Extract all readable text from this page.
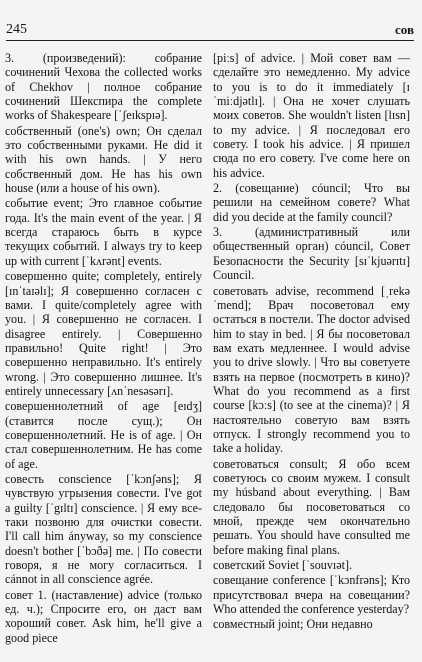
245	сов

3. (произведений): собрание сочинений Чехова the collected works of Chekhov | полное собрание сочинений Шекспира the complete works of Shakespeare [ˈʃeɪkspɪə].

собственный (one's) own; Он сделал это собственными руками. He did it with his own hands. | У него собственный дом. He has his own house (или a house of his own).

событие event; Это главное событие года. It's the main event of the year. | Я всегда стараюсь быть в курсе текущих событий. I always try to keep up with current [ˈkʌrənt] events.

совершенно quite; completely, entirely [ɪnˈtaɪəlɪ]; Я совершенно согласен с вами. I quite/completely agree with you. | Я совершенно не согласен. I disagree entirely. | Совершенно правильно! Quite right! | Это совершенно неправильно. It's entirely wrong. | Это совершенно лишнее. It's entirely unnecessary [ʌnˈnesəsərɪ].

совершеннолетний of age [eɪdʒ] (ставится после сущ.); Он совершеннолетний. He is of age. | Он стал совершеннолетним. He has come of age.

совесть conscience [ˈkɔnʃəns]; Я чувствую угрызения совести. I've got a guilty [ˈgɪltɪ] conscience. | Я ему все-таки позвоню для очистки совести. I'll call him ányway, so my conscience doesn't bother [ˈbɔðə] me. | По совести говоря, я не могу согласиться. I cánnot in all conscience agrée.

совет 1. (наставление) advice (только ед. ч.); Спросите его, он даст вам хороший совет. Ask him, he'll give a good piece

[piːs] of advice. | Мой совет вам — сделайте это немедленно. My advice to you is to do it immediately [ɪˈmiːdjətlɪ]. | Она не хочет слушать моих советов. She wouldn't listen [lɪsn] to my advice. | Я последовал его совету. I took his advice. | Я пришел сюда по его совету. I've come here on his advice.

2. (совещание) cóuncil; Что вы решили на семейном совете? What did you decide at the family council?

3. (административный или общественный орган) cóuncil, Совет Безопасности the Security [sɪˈkjuərɪtɪ] Council.

советовать advise, recommend [ˌrekəˈmend]; Врач посоветовал ему остаться в постели. The doctor advised him to stay in bed. | Я бы посоветовал вам ехать медленнее. I would advise you to drive slowly. | Что вы советуете взять на первое (посмотреть в кино)? What do you recommend as a first course [kɔːs] (to see at the cinema)? | Я настоятельно советую вам взять отпуск. I strongly recommend you to take a holiday.

советоваться consult; Я обо всем советуюсь со своим мужем. I consult my húsband about everything. | Вам следовало бы посоветоваться со мной, прежде чем окончательно решать. You should have consulted me before making final plans.

советский Soviet [ˈsouvɪət].

совещание conference [ˈkɔnfrəns]; Кто присутствовал вчера на совещании? Who attended the conference yesterday?

совместный joint; Они недавно
